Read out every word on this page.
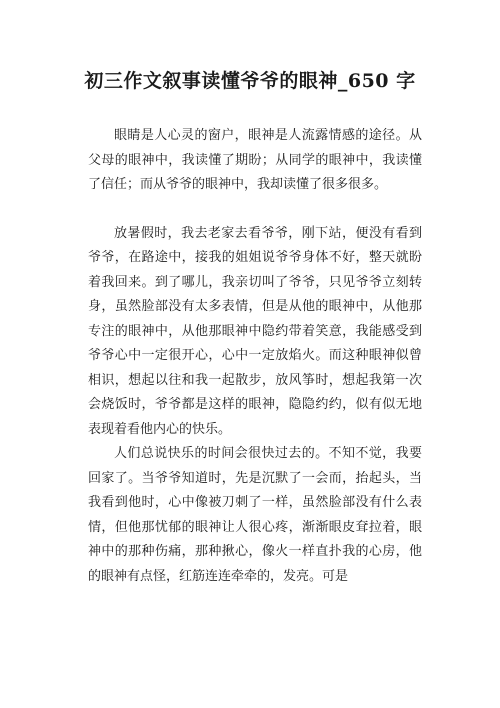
初三作文叙事读懂爷爷的眼神_650 字

眼睛是人心灵的窗户，眼神是人流露情感的途径。从父母的眼神中，我读懂了期盼；从同学的眼神中，我读懂了信任；而从爷爷的眼神中，我却读懂了很多很多。

放暑假时，我去老家去看爷爷，刚下站，便没有看到爷爷，在路途中，接我的姐姐说爷爷身体不好，整天就盼着我回来。到了哪儿，我亲切叫了爷爷，只见爷爷立刻转身，虽然脸部没有太多表情，但是从他的眼神中，从他那专注的眼神中，从他那眼神中隐约带着笑意，我能感受到爷爷心中一定很开心，心中一定放焰火。而这种眼神似曾相识，想起以往和我一起散步，放风筝时，想起我第一次会烧饭时，爷爷都是这样的眼神，隐隐约约，似有似无地表现着看他内心的快乐。

人们总说快乐的时间会很快过去的。不知不觉，我要回家了。当爷爷知道时，先是沉默了一会而，抬起头，当我看到他时，心中像被刀刺了一样，虽然脸部没有什么表情，但他那忧郁的眼神让人很心疼，渐渐眼皮耷拉着，眼神中的那种伤痛，那种揪心，像火一样直扑我的心房，他的眼神有点怪，红筋连连牵牵的，发亮。可是
